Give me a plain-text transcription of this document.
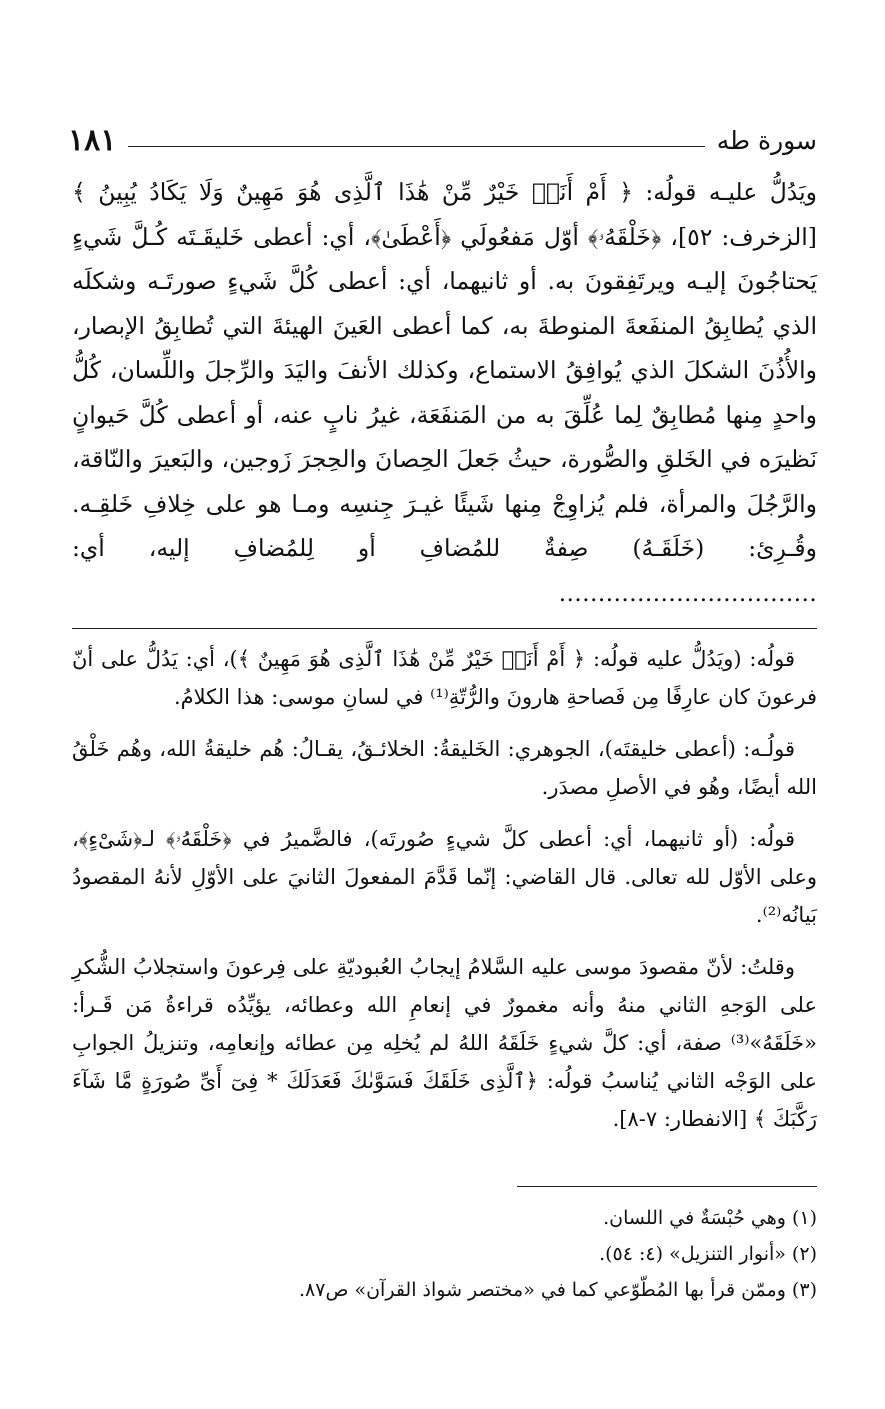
سورة طه
١٨١

ويَدُلُّ عليـه قولُه: ﴿ أَمْ أَنَا۠ خَيْرٌ مِّنْ هَٰذَا ٱلَّذِى هُوَ مَهِينٌ وَلَا يَكَادُ يُبِينُ ﴾ [الزخرف: ٥٢]، ﴿خَلْقَهُۥ﴾ أوّل مَفعُولَي ﴿أَعْطَىٰ﴾، أي: أعطى خَليقَـتَه كُـلَّ شَيءٍ يَحتاجُونَ إليـه ويرتَفِقونَ به. أو ثانيهما، أي: أعطى كُلَّ شَيءٍ صورتَـه وشكلَه الذي يُطابِقُ المنفَعةَ المنوطةَ به، كما أعطى العَينَ الهيئةَ التي تُطابِقُ الإبصار، والأُذُنَ الشكلَ الذي يُوافِقُ الاستماع، وكذلك الأنفَ واليَدَ والرِّجلَ واللِّسان، كُلُّ واحدٍ مِنها مُطابِقٌ لِما عُلِّقَ به من المَنفَعَة، غيرُ نابٍ عنه، أو أعطى كُلَّ حَيوانٍ نَظيرَه في الخَلقِ والصُّورة، حيثُ جَعلَ الحِصانَ والحِجرَ زَوجين، والبَعيرَ والنّاقة، والرَّجُلَ والمرأة، فلم يُزاوِجْ مِنها شَيئًا غيـرَ جِنسِه ومـا هو على خِلافِ خَلقِـه. وقُـرِئ: (خَلَقَـهُ) صِفةٌ للمُضافِ أو لِلمُضافِ إليه، أي: ……………………………

قولُه: (ويَدُلُّ عليه قولُه: ﴿ أَمْ أَنَا۠ خَيْرٌ مِّنْ هَٰذَا ٱلَّذِى هُوَ مَهِينٌ ﴾)، أي: يَدُلُّ على أنّ فرعونَ كان عارِفًا مِن فَصاحةِ هارونَ والرُّتّةِ⁽¹⁾ في لسانِ موسى: هذا الكلامُ.

قولُـه: (أعطى خليقتَه)، الجوهري: الخَليقةُ: الخلائـقُ، يقـالُ: هُم خليقةُ الله، وهُم خَلْقُ الله أيضًا، وهُو في الأصلِ مصدَر.

قولُه: (أو ثانيهما، أي: أعطى كلَّ شيءٍ صُورتَه)، فالضَّميرُ في ﴿خَلْقَهُۥ﴾ لـ﴿شَىْءٍ﴾، وعلى الأوّل لله تعالى. قال القاضي: إنّما قَدَّمَ المفعولَ الثانيَ على الأوّلِ لأنهُ المقصودُ بَيانُه⁽²⁾.

وقلتُ: لأنّ مقصودَ موسى عليه السَّلامُ إيجابُ العُبوديّةِ على فِرعونَ واستجلابُ الشُّكرِ على الوَجهِ الثاني منهُ وأنه مغمورٌ في إنعامِ الله وعطائه، يؤيِّدُه قراءةُ مَن قَـرأ: «خَلَقَهُ»⁽³⁾ صفة، أي: كلَّ شيءٍ خَلَقَهُ اللهُ لم يُخلِه مِن عطائه وإنعامِه، وتنزيلُ الجوابِ على الوَجْه الثاني يُناسبُ قولُه: ﴿ٱلَّذِى خَلَقَكَ فَسَوَّىٰكَ فَعَدَلَكَ * فِىٓ أَىِّ صُورَةٍ مَّا شَآءَ رَكَّبَكَ ﴾ [الانفطار: ٧-٨].

(١) وهي حُبْسَةٌ في اللسان.

(٢) «أنوار التنزيل» (٤: ٥٤).

(٣) وممّن قرأ بها المُطّوّعي كما في «مختصر شواذ القرآن» ص٨٧.
